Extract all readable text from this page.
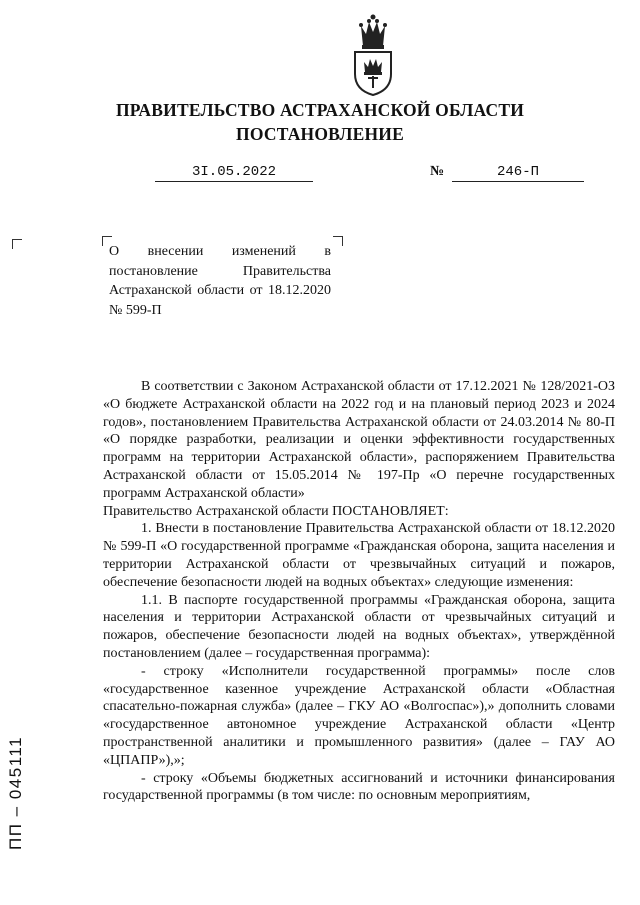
ПРАВИТЕЛЬСТВО АСТРАХАНСКОЙ ОБЛАСТИ
ПОСТАНОВЛЕНИЕ
3I.05.2022	№	246-П
О внесении изменений в постановление Правительства Астраханской области от 18.12.2020 № 599-П

В соответствии с Законом Астраханской области от 17.12.2021 № 128/2021-ОЗ «О бюджете Астраханской области на 2022 год и на плановый период 2023 и 2024 годов», постановлением Правительства Астраханской области от 24.03.2014 № 80-П «О порядке разработки, реализации и оценки эффективности государственных программ на территории Астраханской области», распоряжением Правительства Астраханской области от 15.05.2014 № 197-Пр «О перечне государственных программ Астраханской области»

Правительство Астраханской области ПОСТАНОВЛЯЕТ:

1. Внести в постановление Правительства Астраханской области от 18.12.2020 № 599-П «О государственной программе «Гражданская оборона, защита населения и территории Астраханской области от чрезвычайных ситуаций и пожаров, обеспечение безопасности людей на водных объектах» следующие изменения:

1.1. В паспорте государственной программы «Гражданская оборона, защита населения и территории Астраханской области от чрезвычайных ситуаций и пожаров, обеспечение безопасности людей на водных объектах», утверждённой постановлением (далее – государственная программа):

- строку «Исполнители государственной программы» после слов «государственное казенное учреждение Астраханской области «Областная спасательно-пожарная служба» (далее – ГКУ АО «Волгоспас»),» дополнить словами «государственное автономное учреждение Астраханской области «Центр пространственной аналитики и промышленного развития» (далее – ГАУ АО «ЦПАПР»),»;

- строку «Объемы бюджетных ассигнований и источники финансирования государственной программы (в том числе: по основным мероприятиям,

ПП – 045111
